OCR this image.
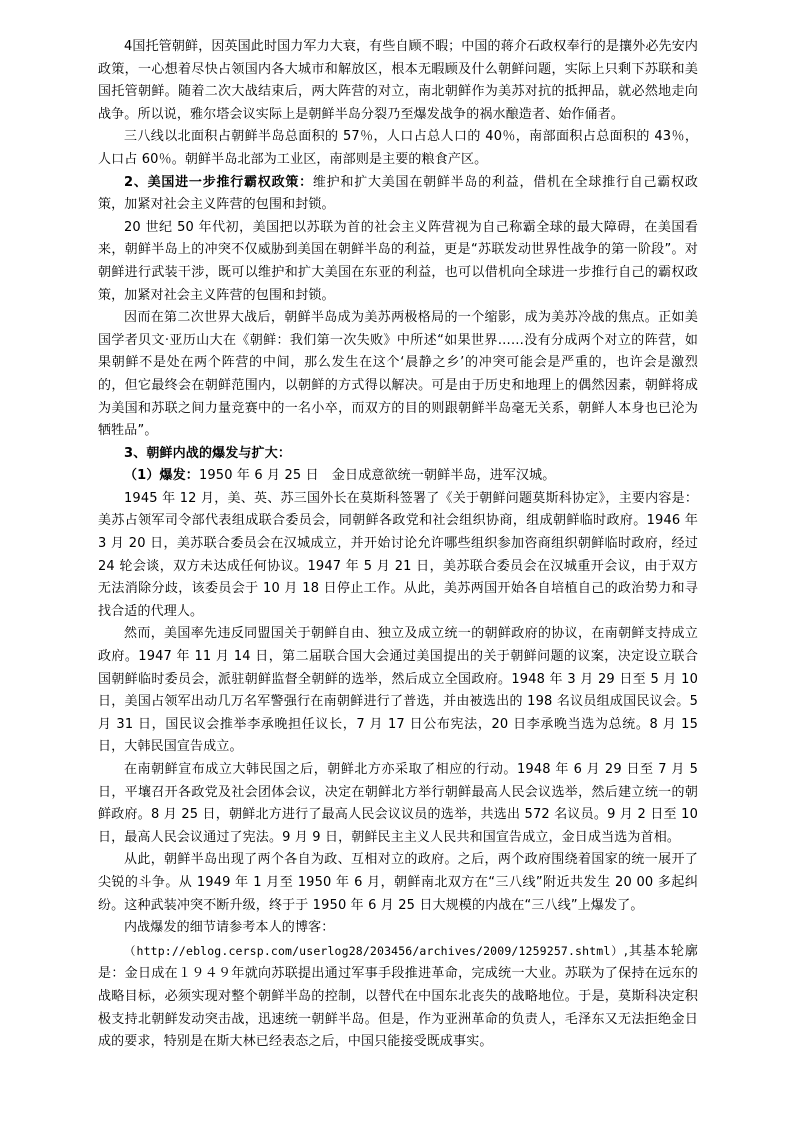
4国托管朝鲜，因英国此时国力军力大衰，有些自顾不暇；中国的蒋介石政权奉行的是攘外必先安内政策，一心想着尽快占领国内各大城市和解放区，根本无暇顾及什么朝鲜问题，实际上只剩下苏联和美国托管朝鲜。随着二次大战结束后，两大阵营的对立，南北朝鲜作为美苏对抗的抵押品，就必然地走向战争。所以说，雅尔塔会议实际上是朝鲜半岛分裂乃至爆发战争的祸水酿造者、始作俑者。

三八线以北面积占朝鲜半岛总面积的 57％，人口占总人口的 40％，南部面积占总面积的 43％，人口占 60％。朝鲜半岛北部为工业区，南部则是主要的粮食产区。

2、美国进一步推行霸权政策：维护和扩大美国在朝鲜半岛的利益，借机在全球推行自己霸权政策，加紧对社会主义阵营的包围和封锁。

20 世纪 50 年代初，美国把以苏联为首的社会主义阵营视为自己称霸全球的最大障碍，在美国看来，朝鲜半岛上的冲突不仅威胁到美国在朝鲜半岛的利益，更是“苏联发动世界性战争的第一阶段”。对朝鲜进行武装干涉，既可以维护和扩大美国在东亚的利益，也可以借机向全球进一步推行自己的霸权政策，加紧对社会主义阵营的包围和封锁。

因而在第二次世界大战后，朝鲜半岛成为美苏两极格局的一个缩影，成为美苏冷战的焦点。正如美国学者贝文·亚历山大在《朝鲜：我们第一次失败》中所述“如果世界……没有分成两个对立的阵营，如果朝鲜不是处在两个阵营的中间，那么发生在这个‘晨静之乡’的冲突可能会是严重的，也许会是激烈的，但它最终会在朝鲜范围内，以朝鲜的方式得以解决。可是由于历史和地理上的偶然因素，朝鲜将成为美国和苏联之间力量竞赛中的一名小卒，而双方的目的则跟朝鲜半岛毫无关系，朝鲜人本身也已沦为牺牲品”。

3、朝鲜内战的爆发与扩大：

（1）爆发：1950 年 6 月 25 日　金日成意欲统一朝鲜半岛，进军汉城。

1945 年 12 月，美、英、苏三国外长在莫斯科签署了《关于朝鲜问题莫斯科协定》，主要内容是：美苏占领军司令部代表组成联合委员会，同朝鲜各政党和社会组织协商，组成朝鲜临时政府。1946 年 3 月 20 日，美苏联合委员会在汉城成立，并开始讨论允许哪些组织参加咨商组织朝鲜临时政府，经过 24 轮会谈，双方未达成任何协议。1947 年 5 月 21 日，美苏联合委员会在汉城重开会议，由于双方无法消除分歧，该委员会于 10 月 18 日停止工作。从此，美苏两国开始各自培植自己的政治势力和寻找合适的代理人。

然而，美国率先违反同盟国关于朝鲜自由、独立及成立统一的朝鲜政府的协议，在南朝鲜支持成立政府。1947 年 11 月 14 日，第二届联合国大会通过美国提出的关于朝鲜问题的议案，决定设立联合国朝鲜临时委员会，派驻朝鲜监督全朝鲜的选举，然后成立全国政府。1948 年 3 月 29 日至 5 月 10 日，美国占领军出动几万名军警强行在南朝鲜进行了普选，并由被选出的 198 名议员组成国民议会。5 月 31 日，国民议会推举李承晚担任议长，7 月 17 日公布宪法，20 日李承晚当选为总统。8 月 15 日，大韩民国宣告成立。

在南朝鲜宣布成立大韩民国之后，朝鲜北方亦采取了相应的行动。1948 年 6 月 29 日至 7 月 5 日，平壤召开各政党及社会团体会议，决定在朝鲜北方举行朝鲜最高人民会议选举，然后建立统一的朝鲜政府。8 月 25 日，朝鲜北方进行了最高人民会议议员的选举，共选出 572 名议员。9 月 2 日至 10 日，最高人民会议通过了宪法。9 月 9 日，朝鲜民主主义人民共和国宣告成立，金日成当选为首相。

从此，朝鲜半岛出现了两个各自为政、互相对立的政府。之后，两个政府围绕着国家的统一展开了尖锐的斗争。从 1949 年 1 月至 1950 年 6 月，朝鲜南北双方在“三八线”附近共发生 20 00 多起纠纷。这种武装冲突不断升级，终于于 1950 年 6 月 25 日大规模的内战在“三八线”上爆发了。

内战爆发的细节请参考本人的博客：

（http://eblog.cersp.com/userlog28/203456/archives/2009/1259257.shtml）,其基本轮廓是：金日成在１９４９年就向苏联提出通过军事手段推进革命，完成统一大业。苏联为了保持在远东的战略目标，必须实现对整个朝鲜半岛的控制，以替代在中国东北丧失的战略地位。于是，莫斯科决定积极支持北朝鲜发动突击战，迅速统一朝鲜半岛。但是，作为亚洲革命的负责人，毛泽东又无法拒绝金日成的要求，特别是在斯大林已经表态之后，中国只能接受既成事实。
